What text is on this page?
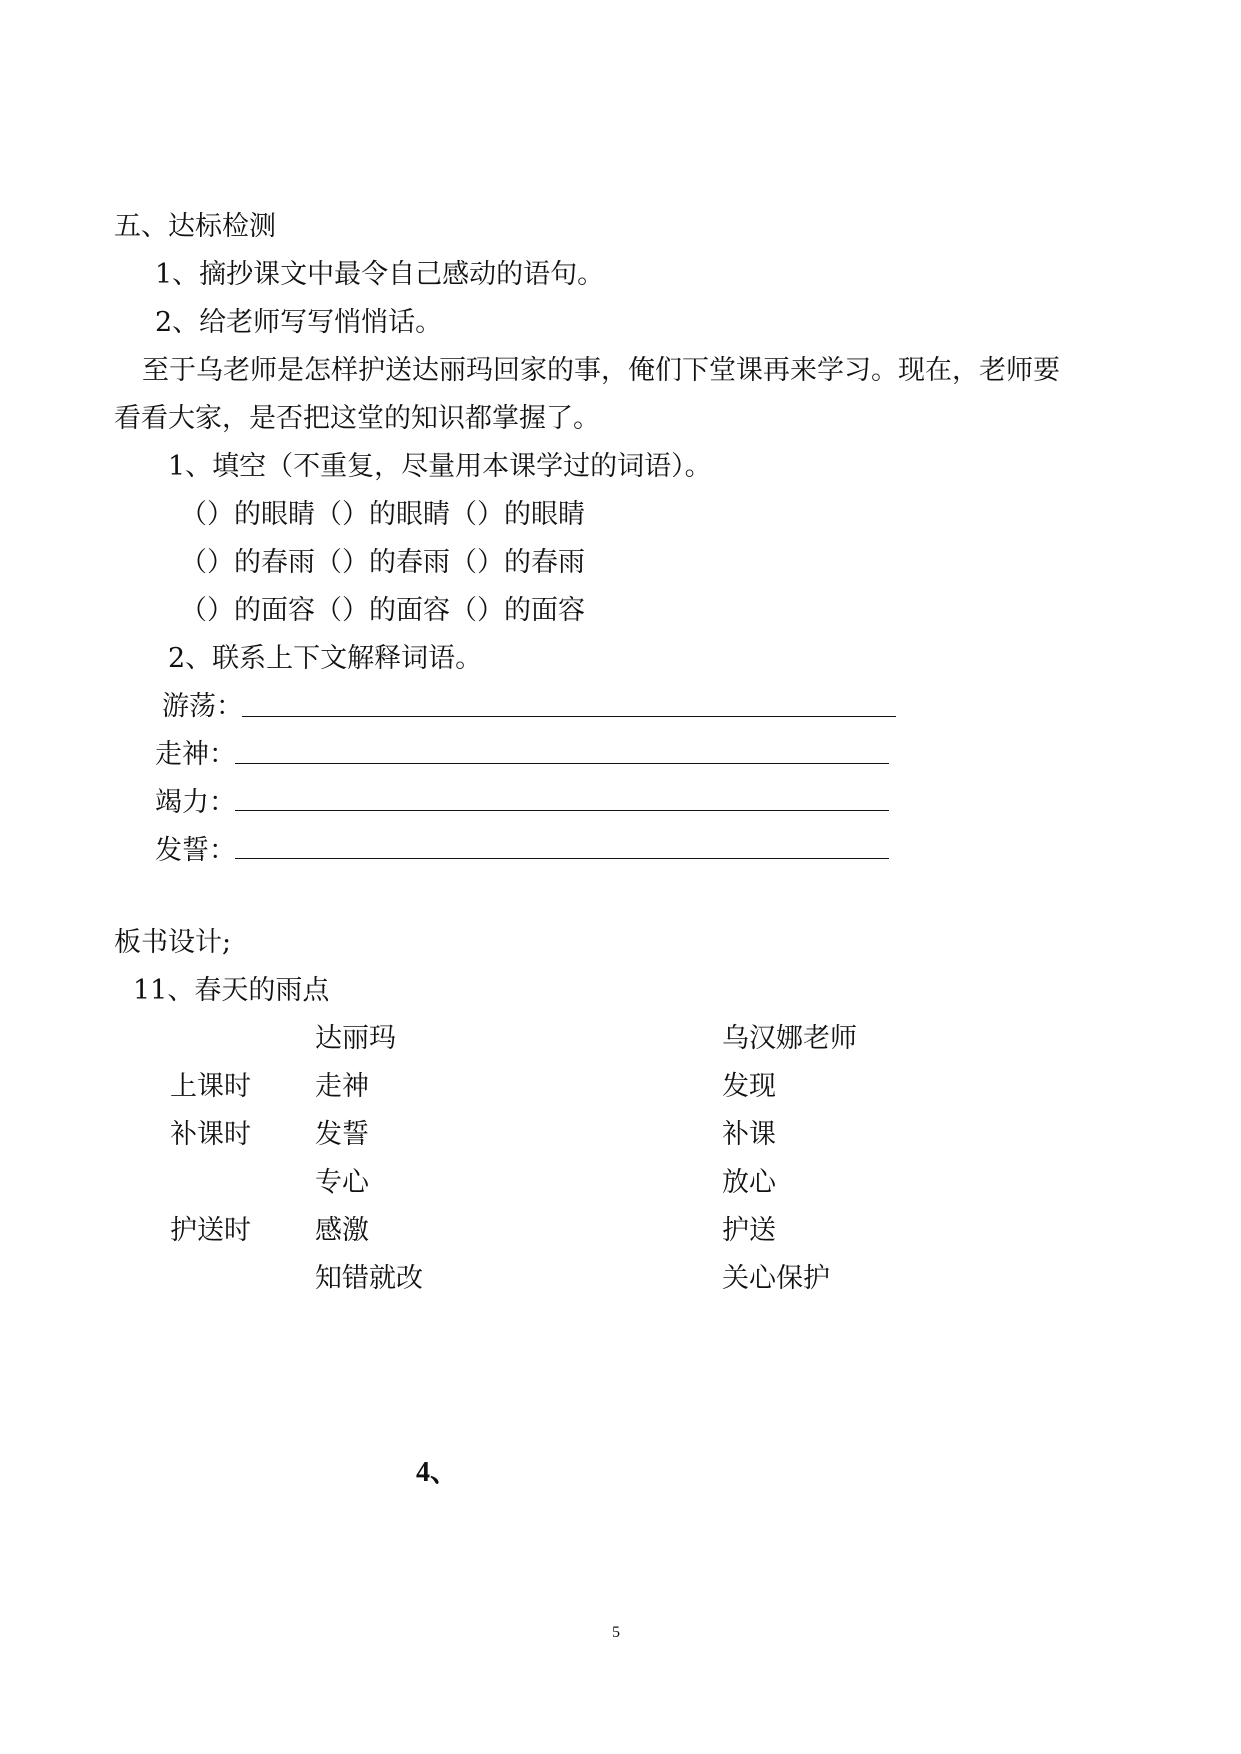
五、达标检测
1、摘抄课文中最令自己感动的语句。
2、给老师写写悄悄话。
至于乌老师是怎样护送达丽玛回家的事，俺们下堂课再来学习。现在，老师要
看看大家，是否把这堂的知识都掌握了。
1、填空（不重复，尽量用本课学过的词语）。
（）的眼睛（）的眼睛（）的眼睛
（）的春雨（）的春雨（）的春雨
（）的面容（）的面容（）的面容
2、联系上下文解释词语。
游荡：
走神：
竭力：
发誓：
板书设计;
11、春天的雨点
达丽玛	乌汉娜老师
上课时 走神	发现
补课时 发誓	补课
专心	放心
护送时 感激	护送
知错就改	关心保护
4、
5
